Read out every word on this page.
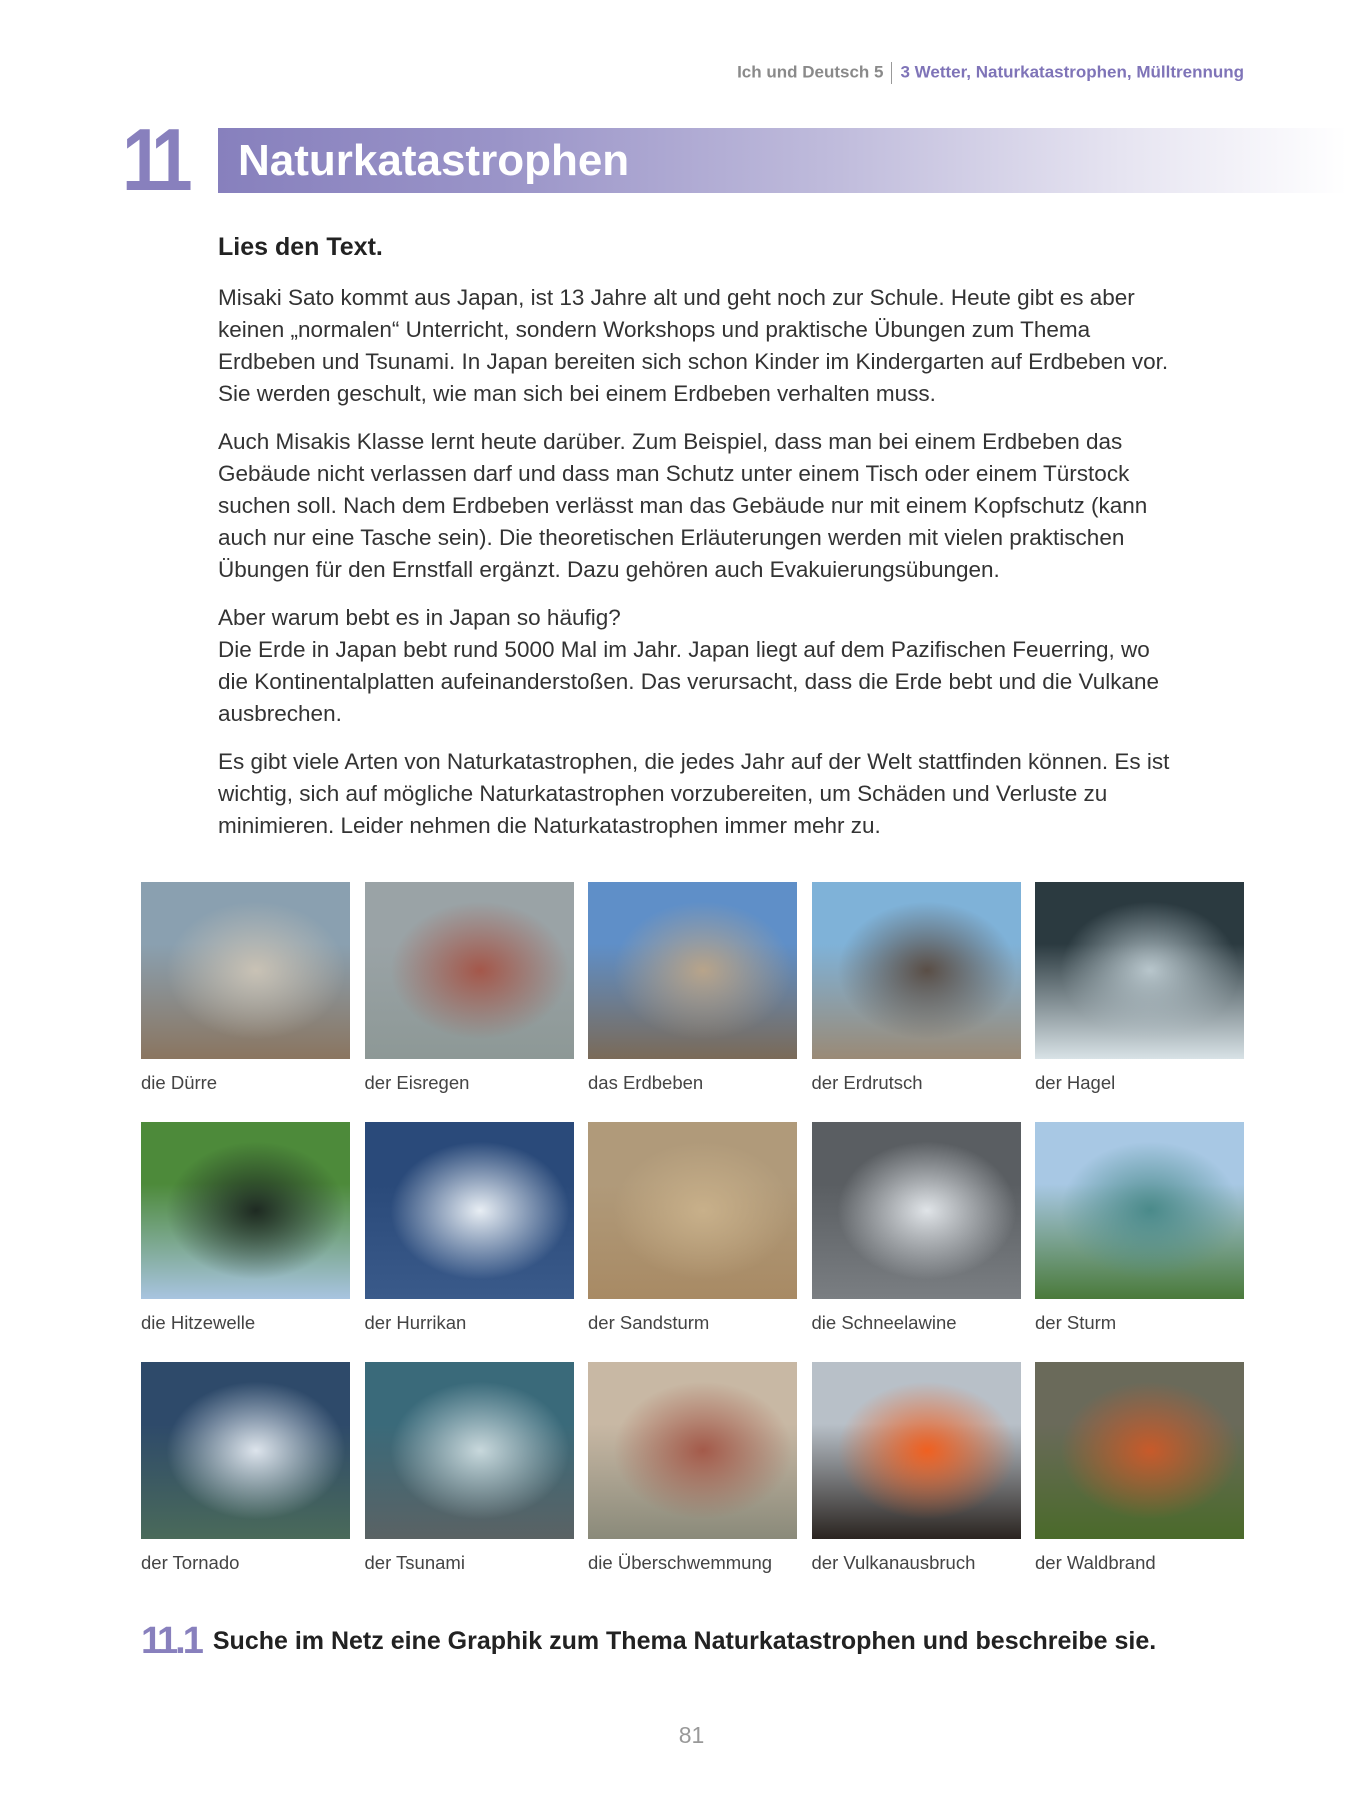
Ich und Deutsch 5 3 Wetter, Naturkatastrophen, Mülltrennung
11 Naturkatastrophen
Lies den Text.

Misaki Sato kommt aus Japan, ist 13 Jahre alt und geht noch zur Schule. Heute gibt es aber keinen „normalen“ Unterricht, sondern Workshops und praktische Übungen zum Thema Erdbeben und Tsunami. In Japan bereiten sich schon Kinder im Kindergarten auf Erdbeben vor. Sie werden geschult, wie man sich bei einem Erdbeben verhalten muss.

Auch Misakis Klasse lernt heute darüber. Zum Beispiel, dass man bei einem Erdbeben das Gebäude nicht verlassen darf und dass man Schutz unter einem Tisch oder einem Türstock suchen soll. Nach dem Erdbeben verlässt man das Gebäude nur mit einem Kopfschutz (kann auch nur eine Tasche sein). Die theoretischen Erläuterungen werden mit vielen praktischen Übungen für den Ernstfall ergänzt. Dazu gehören auch Evakuierungsübungen.

Aber warum bebt es in Japan so häufig?
Die Erde in Japan bebt rund 5000 Mal im Jahr. Japan liegt auf dem Pazifischen Feuerring, wo die Kontinentalplatten aufeinanderstoßen. Das verursacht, dass die Erde bebt und die Vulkane ausbrechen.

Es gibt viele Arten von Naturkatastrophen, die jedes Jahr auf der Welt stattfinden können. Es ist wichtig, sich auf mögliche Naturkatastrophen vorzubereiten, um Schäden und Verluste zu minimieren. Leider nehmen die Naturkatastrophen immer mehr zu.

die Dürre	der Eisregen	das Erdbeben	der Erdrutsch	der Hagel
die Hitzewelle	der Hurrikan	der Sandsturm	die Schneelawine	der Sturm
der Tornado	der Tsunami	die Überschwemmung	der Vulkanausbruch	der Waldbrand
11.1 Suche im Netz eine Graphik zum Thema Naturkatastrophen und beschreibe sie.
81
